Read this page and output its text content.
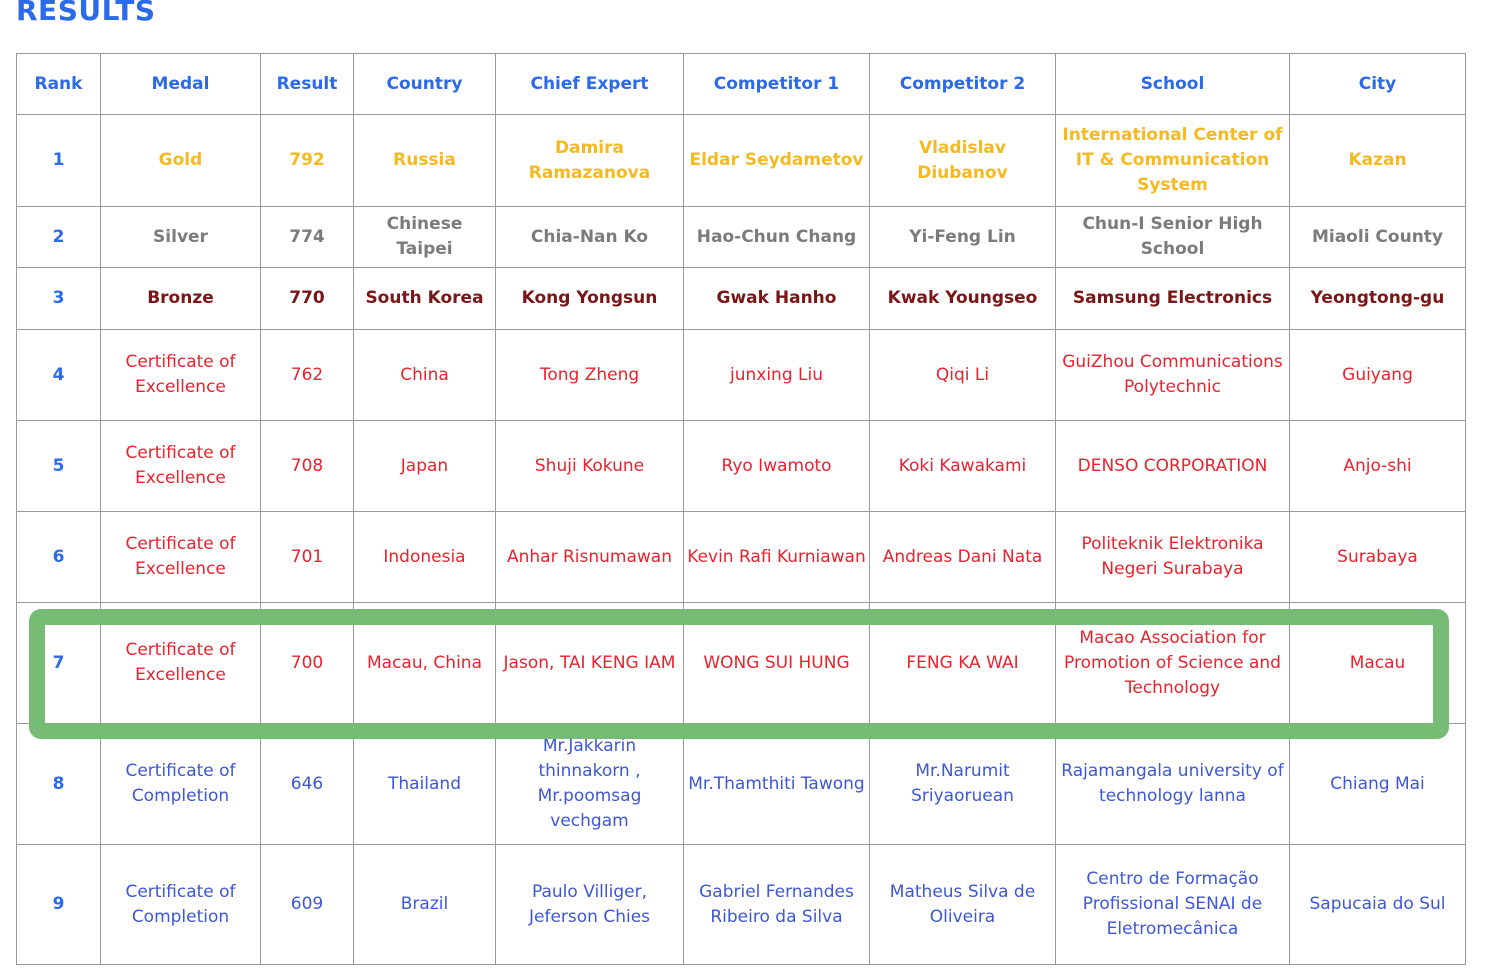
RESULTS
Rank	Medal	Result	Country	Chief Expert	Competitor 1	Competitor 2	School	City
1	Gold	792	Russia	Damira Ramazanova	Eldar Seydametov	Vladislav Diubanov	International Center of IT & Communication System	Kazan
2	Silver	774	Chinese Taipei	Chia-Nan Ko	Hao-Chun Chang	Yi-Feng Lin	Chun-I Senior High School	Miaoli County
3	Bronze	770	South Korea	Kong Yongsun	Gwak Hanho	Kwak Youngseo	Samsung Electronics	Yeongtong-gu
4	Certificate of Excellence	762	China	Tong Zheng	junxing Liu	Qiqi Li	GuiZhou Communications Polytechnic	Guiyang
5	Certificate of Excellence	708	Japan	Shuji Kokune	Ryo Iwamoto	Koki Kawakami	DENSO CORPORATION	Anjo-shi
6	Certificate of Excellence	701	Indonesia	Anhar Risnumawan	Kevin Rafi Kurniawan	Andreas Dani Nata	Politeknik Elektronika Negeri Surabaya	Surabaya
7	Certificate of Excellence	700	Macau, China	Jason, TAI KENG IAM	WONG SUI HUNG	FENG KA WAI	Macao Association for Promotion of Science and Technology	Macau
8	Certificate of Completion	646	Thailand	Mr.Jakkarin thinnakorn , Mr.poomsag vechgam	Mr.Thamthiti Tawong	Mr.Narumit Sriyaoruean	Rajamangala university of technology lanna	Chiang Mai
9	Certificate of Completion	609	Brazil	Paulo Villiger, Jeferson Chies	Gabriel Fernandes Ribeiro da Silva	Matheus Silva de Oliveira	Centro de Formação Profissional SENAI de Eletromecânica	Sapucaia do Sul
